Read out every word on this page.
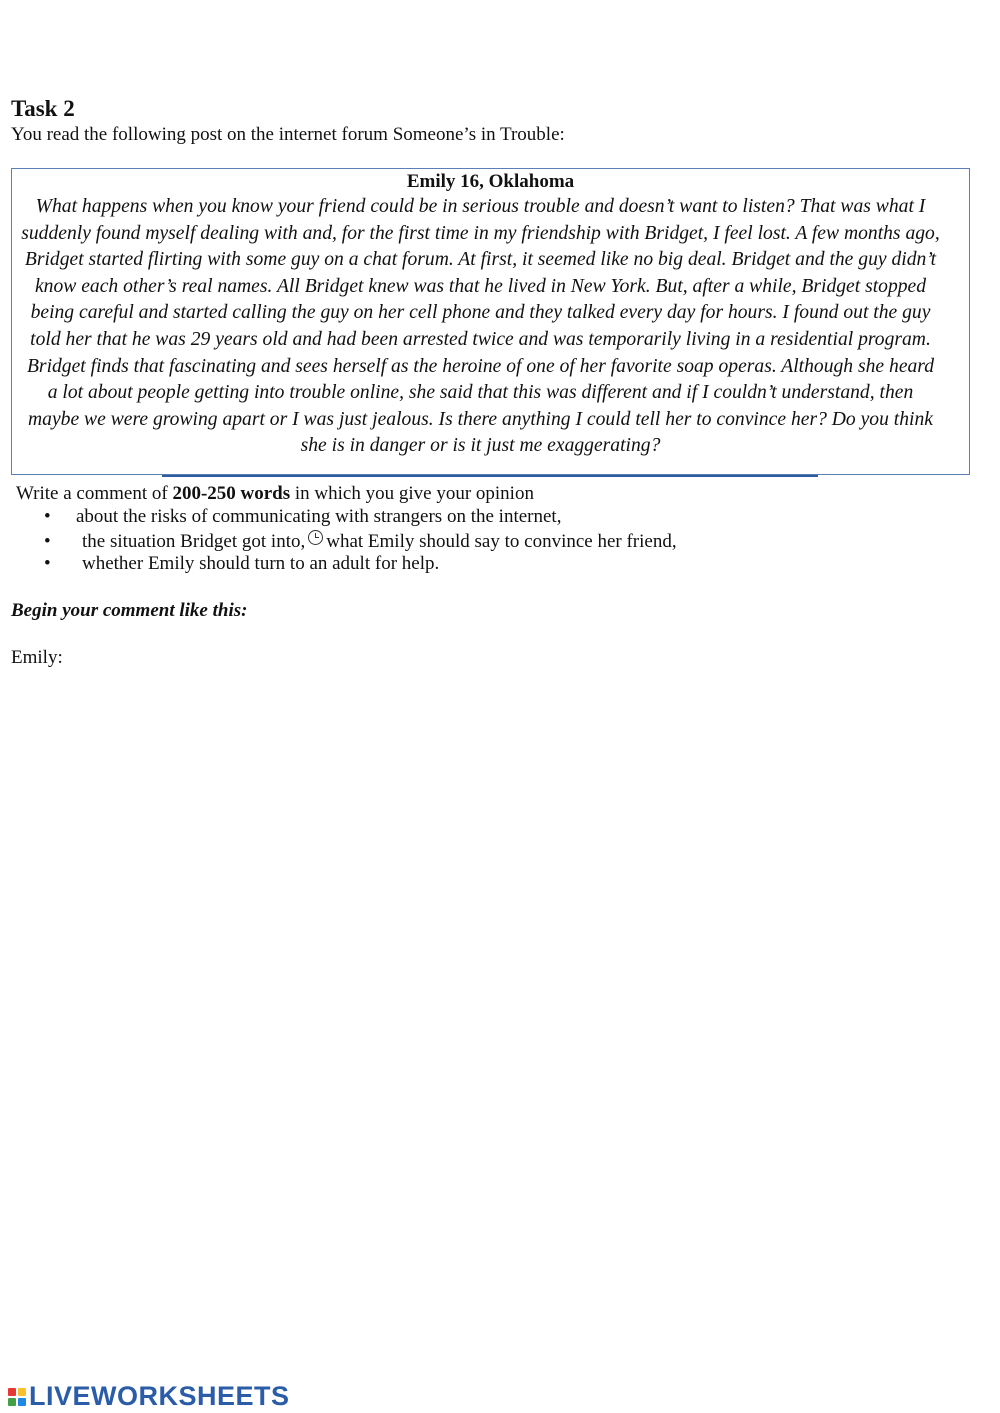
Task 2

You read the following post on the internet forum Someone’s in Trouble:

Emily 16, Oklahoma

What happens when you know your friend could be in serious trouble and doesn’t want to listen? That was what I
suddenly found myself dealing with and, for the first time in my friendship with Bridget, I feel lost. A few months ago,
Bridget started flirting with some guy on a chat forum. At first, it seemed like no big deal. Bridget and the guy didn’t
know each other’s real names. All Bridget knew was that he lived in New York. But, after a while, Bridget stopped
being careful and started calling the guy on her cell phone and they talked every day for hours. I found out the guy
told her that he was 29 years old and had been arrested twice and was temporarily living in a residential program.
Bridget finds that fascinating and sees herself as the heroine of one of her favorite soap operas. Although she heard
a lot about people getting into trouble online, she said that this was different and if I couldn’t understand, then
maybe we were growing apart or I was just jealous. Is there anything I could tell her to convince her? Do you think
she is in danger or is it just me exaggerating?

Write a comment of 200-250 words in which you give your opinion

• about the risks of communicating with strangers on the internet,
• the situation Bridget got into, what Emily should say to convince her friend,
• whether Emily should turn to an adult for help.

Begin your comment like this:

Emily:

LIVEWORKSHEETS
